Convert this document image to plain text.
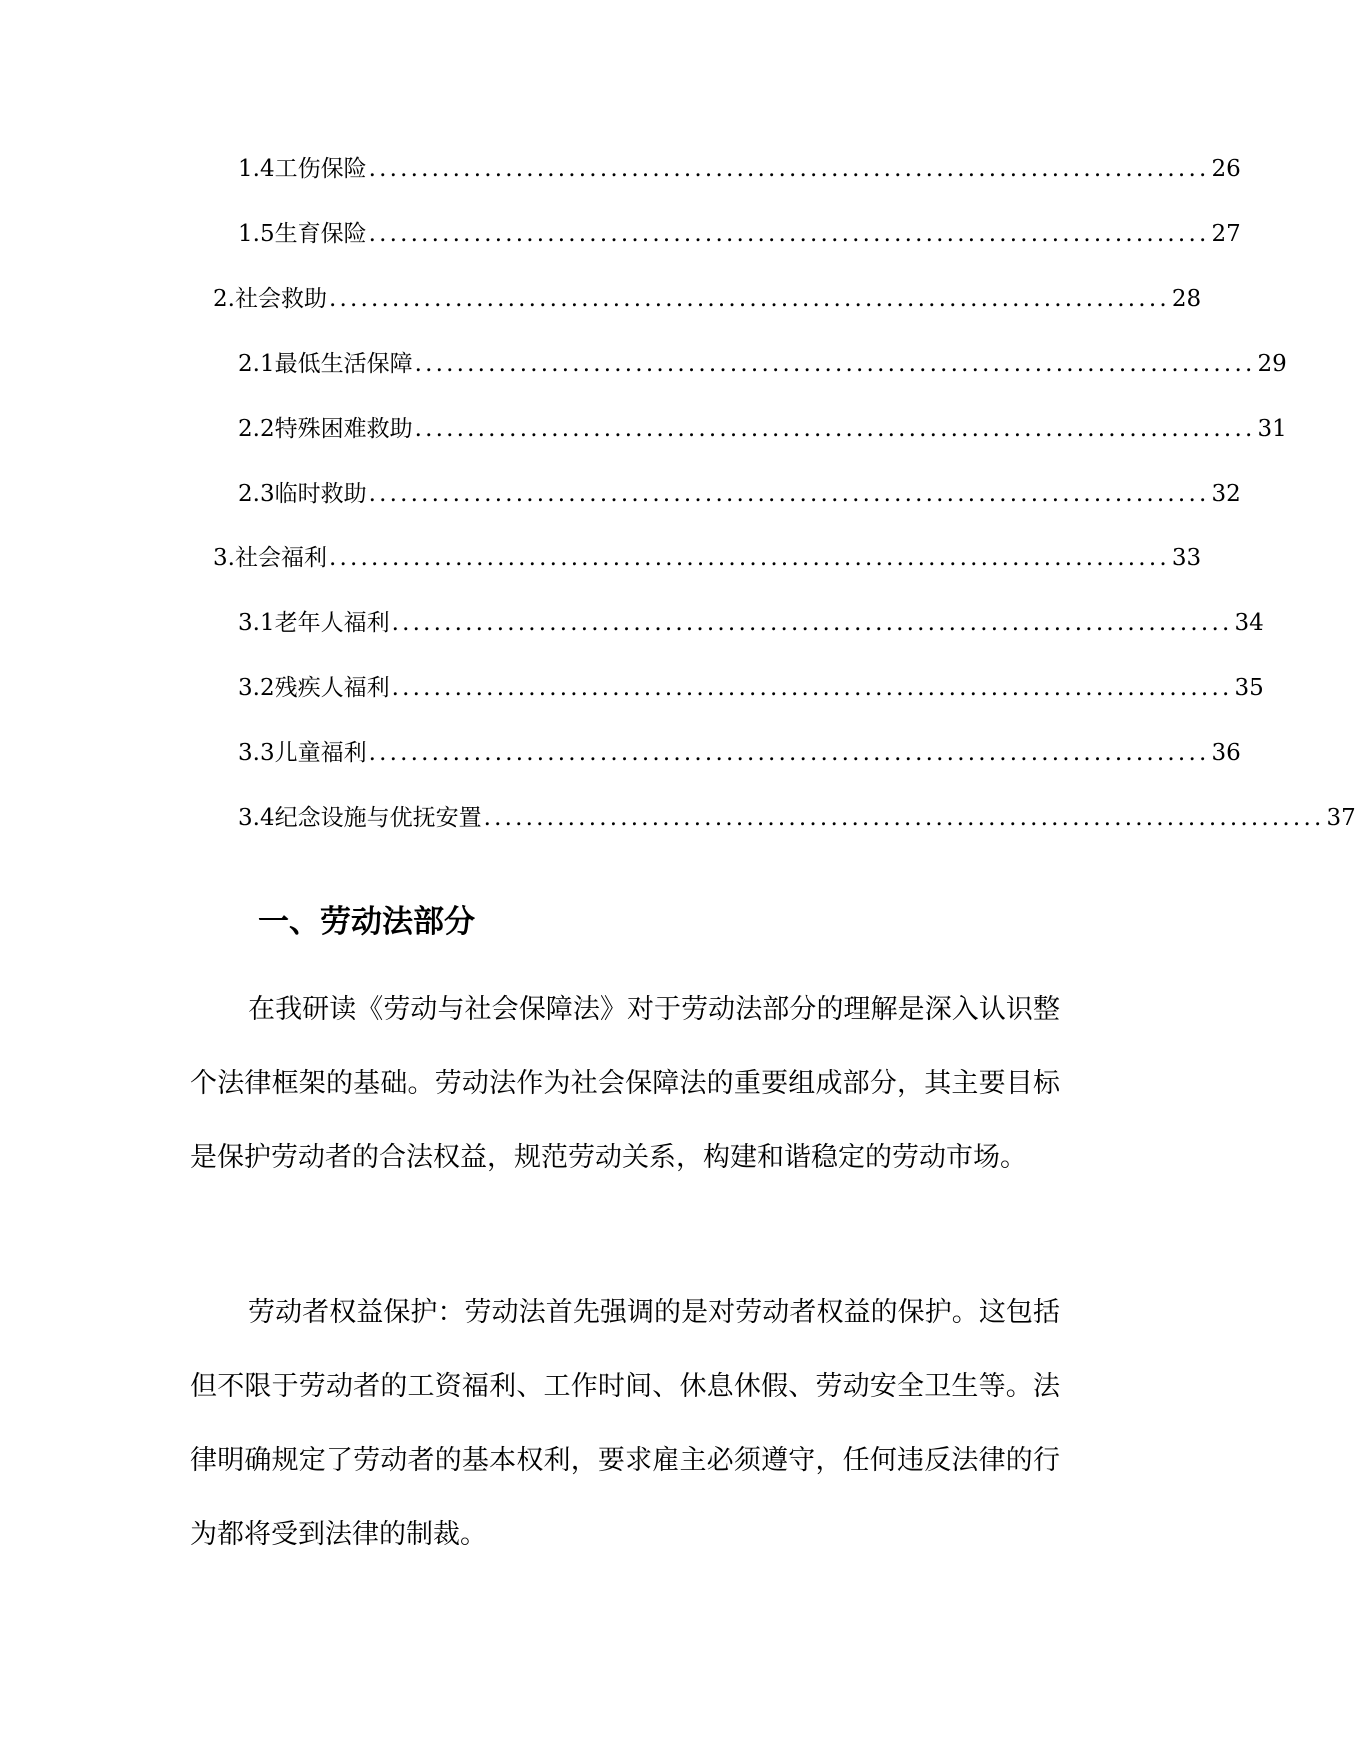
1.4 工伤保险 ................................................................................ 26
1.5 生育保险 ................................................................................ 27
2. 社会救助 ................................................................................ 28
2.1 最低生活保障 ................................................................................ 29
2.2 特殊困难救助 ................................................................................ 31
2.3 临时救助 ................................................................................ 32
3. 社会福利 ................................................................................ 33
3.1 老年人福利 ................................................................................ 34
3.2 残疾人福利 ................................................................................ 35
3.3 儿童福利 ................................................................................ 36
3.4 纪念设施与优抚安置 ................................................................................ 37
一、劳动法部分

在我研读《劳动与社会保障法》对于劳动法部分的理解是深入认识整个法律框架的基础。劳动法作为社会保障法的重要组成部分，其主要目标是保护劳动者的合法权益，规范劳动关系，构建和谐稳定的劳动市场。

劳动者权益保护：劳动法首先强调的是对劳动者权益的保护。这包括但不限于劳动者的工资福利、工作时间、休息休假、劳动安全卫生等。法律明确规定了劳动者的基本权利，要求雇主必须遵守，任何违反法律的行为都将受到法律的制裁。
